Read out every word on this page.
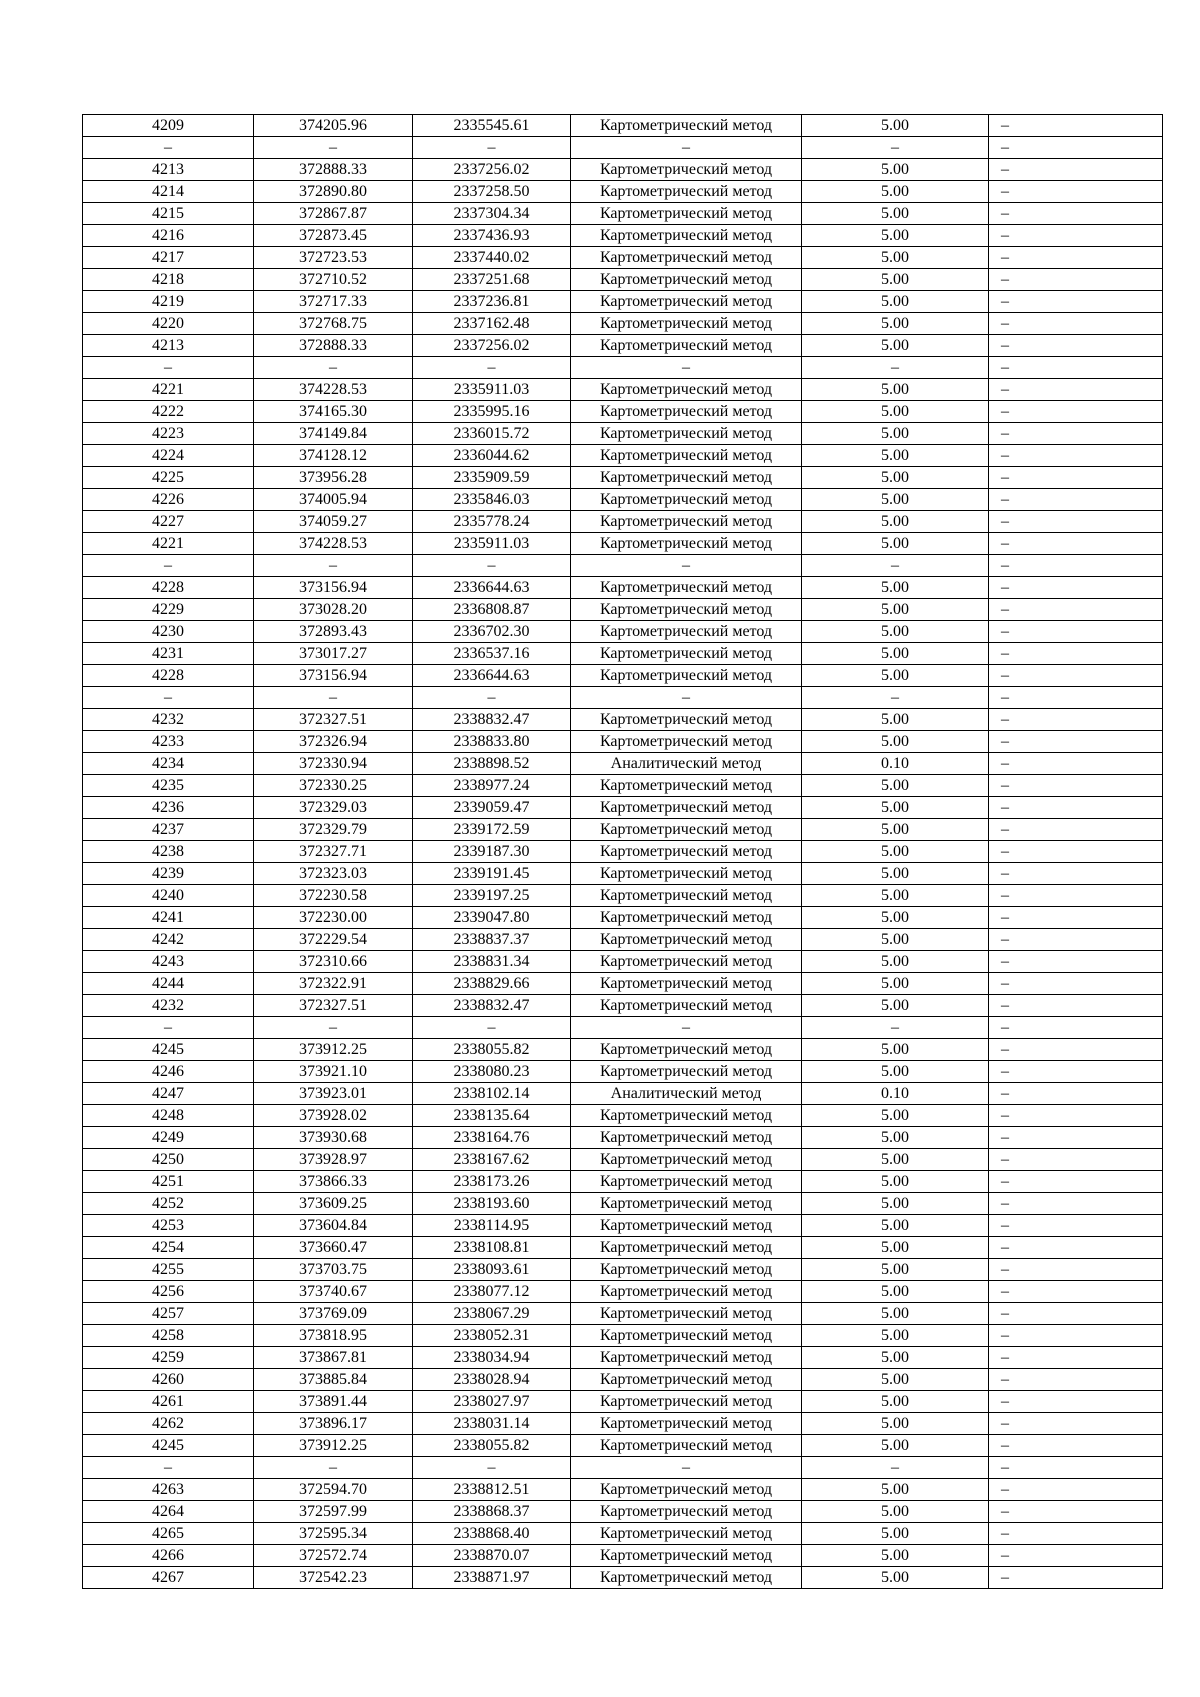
4209	374205.96	2335545.61	Картометрический метод	5.00	–
–	–	–	–	–	–
4213	372888.33	2337256.02	Картометрический метод	5.00	–
4214	372890.80	2337258.50	Картометрический метод	5.00	–
4215	372867.87	2337304.34	Картометрический метод	5.00	–
4216	372873.45	2337436.93	Картометрический метод	5.00	–
4217	372723.53	2337440.02	Картометрический метод	5.00	–
4218	372710.52	2337251.68	Картометрический метод	5.00	–
4219	372717.33	2337236.81	Картометрический метод	5.00	–
4220	372768.75	2337162.48	Картометрический метод	5.00	–
4213	372888.33	2337256.02	Картометрический метод	5.00	–
–	–	–	–	–	–
4221	374228.53	2335911.03	Картометрический метод	5.00	–
4222	374165.30	2335995.16	Картометрический метод	5.00	–
4223	374149.84	2336015.72	Картометрический метод	5.00	–
4224	374128.12	2336044.62	Картометрический метод	5.00	–
4225	373956.28	2335909.59	Картометрический метод	5.00	–
4226	374005.94	2335846.03	Картометрический метод	5.00	–
4227	374059.27	2335778.24	Картометрический метод	5.00	–
4221	374228.53	2335911.03	Картометрический метод	5.00	–
–	–	–	–	–	–
4228	373156.94	2336644.63	Картометрический метод	5.00	–
4229	373028.20	2336808.87	Картометрический метод	5.00	–
4230	372893.43	2336702.30	Картометрический метод	5.00	–
4231	373017.27	2336537.16	Картометрический метод	5.00	–
4228	373156.94	2336644.63	Картометрический метод	5.00	–
–	–	–	–	–	–
4232	372327.51	2338832.47	Картометрический метод	5.00	–
4233	372326.94	2338833.80	Картометрический метод	5.00	–
4234	372330.94	2338898.52	Аналитический метод	0.10	–
4235	372330.25	2338977.24	Картометрический метод	5.00	–
4236	372329.03	2339059.47	Картометрический метод	5.00	–
4237	372329.79	2339172.59	Картометрический метод	5.00	–
4238	372327.71	2339187.30	Картометрический метод	5.00	–
4239	372323.03	2339191.45	Картометрический метод	5.00	–
4240	372230.58	2339197.25	Картометрический метод	5.00	–
4241	372230.00	2339047.80	Картометрический метод	5.00	–
4242	372229.54	2338837.37	Картометрический метод	5.00	–
4243	372310.66	2338831.34	Картометрический метод	5.00	–
4244	372322.91	2338829.66	Картометрический метод	5.00	–
4232	372327.51	2338832.47	Картометрический метод	5.00	–
–	–	–	–	–	–
4245	373912.25	2338055.82	Картометрический метод	5.00	–
4246	373921.10	2338080.23	Картометрический метод	5.00	–
4247	373923.01	2338102.14	Аналитический метод	0.10	–
4248	373928.02	2338135.64	Картометрический метод	5.00	–
4249	373930.68	2338164.76	Картометрический метод	5.00	–
4250	373928.97	2338167.62	Картометрический метод	5.00	–
4251	373866.33	2338173.26	Картометрический метод	5.00	–
4252	373609.25	2338193.60	Картометрический метод	5.00	–
4253	373604.84	2338114.95	Картометрический метод	5.00	–
4254	373660.47	2338108.81	Картометрический метод	5.00	–
4255	373703.75	2338093.61	Картометрический метод	5.00	–
4256	373740.67	2338077.12	Картометрический метод	5.00	–
4257	373769.09	2338067.29	Картометрический метод	5.00	–
4258	373818.95	2338052.31	Картометрический метод	5.00	–
4259	373867.81	2338034.94	Картометрический метод	5.00	–
4260	373885.84	2338028.94	Картометрический метод	5.00	–
4261	373891.44	2338027.97	Картометрический метод	5.00	–
4262	373896.17	2338031.14	Картометрический метод	5.00	–
4245	373912.25	2338055.82	Картометрический метод	5.00	–
–	–	–	–	–	–
4263	372594.70	2338812.51	Картометрический метод	5.00	–
4264	372597.99	2338868.37	Картометрический метод	5.00	–
4265	372595.34	2338868.40	Картометрический метод	5.00	–
4266	372572.74	2338870.07	Картометрический метод	5.00	–
4267	372542.23	2338871.97	Картометрический метод	5.00	–
